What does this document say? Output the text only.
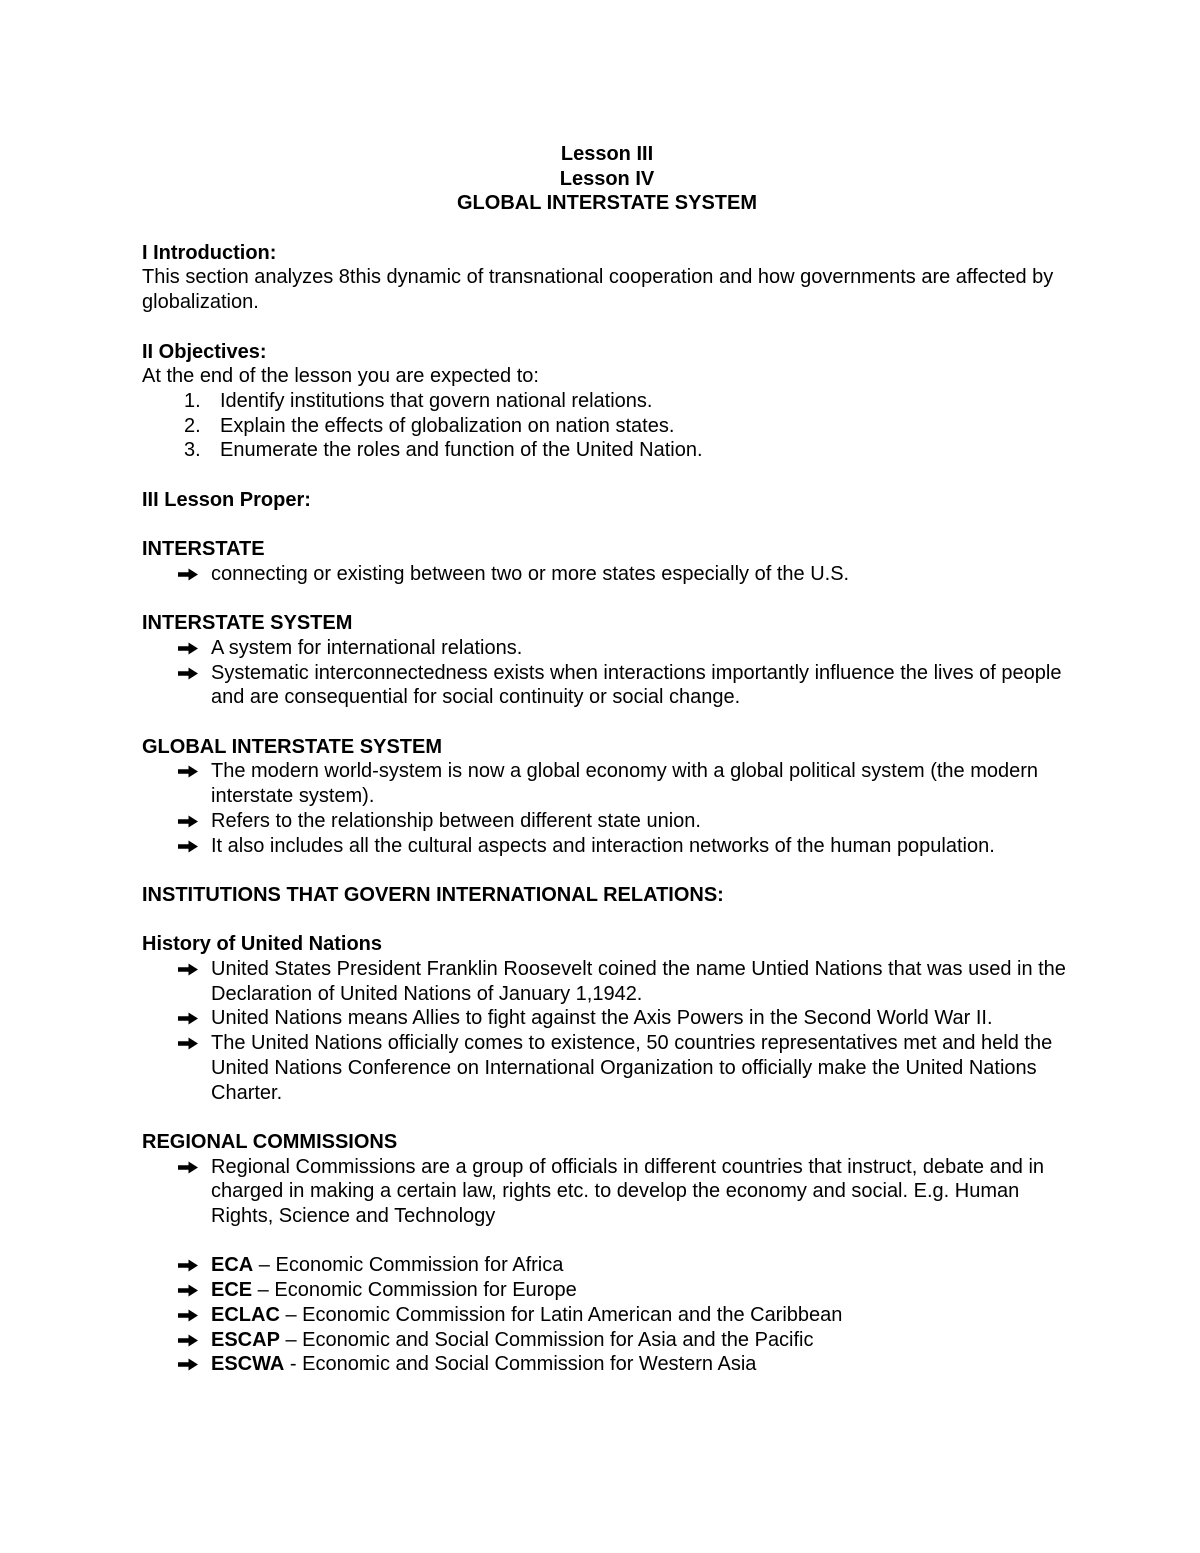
Lesson III
Lesson IV
GLOBAL INTERSTATE SYSTEM
I Introduction:

This section analyzes 8this dynamic of transnational cooperation and how governments are affected by globalization.

II Objectives:

At the end of the lesson you are expected to:

1. Identify institutions that govern national relations.
2. Explain the effects of globalization on nation states.
3. Enumerate the roles and function of the United Nation.
III Lesson Proper:
INTERSTATE
connecting or existing between two or more states especially of the U.S.
INTERSTATE SYSTEM
A system for international relations.
Systematic interconnectedness exists when interactions importantly influence the lives of people and are consequential for social continuity or social change.
GLOBAL INTERSTATE SYSTEM
The modern world-system is now a global economy with a global political system (the modern interstate system).
Refers to the relationship between different state union.
It also includes all the cultural aspects and interaction networks of the human population.
INSTITUTIONS THAT GOVERN INTERNATIONAL RELATIONS:
History of United Nations
United States President Franklin Roosevelt coined the name Untied Nations that was used in the Declaration of United Nations of January 1,1942.
United Nations means Allies to fight against the Axis Powers in the Second World War II.
The United Nations officially comes to existence, 50 countries representatives met and held the United Nations Conference on International Organization to officially make the United Nations Charter.
REGIONAL COMMISSIONS
Regional Commissions are a group of officials in different countries that instruct, debate and in charged in making a certain law, rights etc. to develop the economy and social. E.g. Human Rights, Science and Technology
ECA – Economic Commission for Africa
ECE – Economic Commission for Europe
ECLAC – Economic Commission for Latin American and the Caribbean
ESCAP – Economic and Social Commission for Asia and the Pacific
ESCWA - Economic and Social Commission for Western Asia
